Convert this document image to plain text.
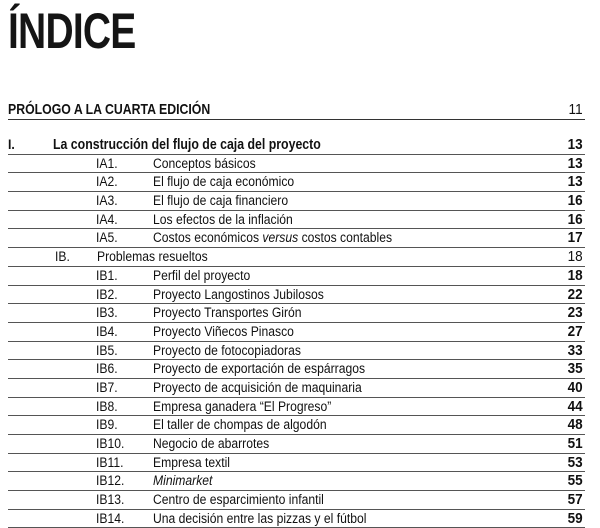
ÍNDICE
PRÓLOGO A LA CUARTA EDICIÓN	11
I.	La construcción del flujo de caja del proyecto	13
IA1.	Conceptos básicos	13
IA2.	El flujo de caja económico	13
IA3.	El flujo de caja financiero	16
IA4.	Los efectos de la inflación	16
IA5.	Costos económicos versus costos contables	17
IB. Problemas resueltos	18
IB1.	Perfil del proyecto	18
IB2.	Proyecto Langostinos Jubilosos	22
IB3.	Proyecto Transportes Girón	23
IB4.	Proyecto Viñecos Pinasco	27
IB5.	Proyecto de fotocopiadoras	33
IB6.	Proyecto de exportación de espárragos	35
IB7.	Proyecto de acquisición de maquinaria	40
IB8.	Empresa ganadera “El Progreso”	44
IB9.	El taller de chompas de algodón	48
IB10. Negocio de abarrotes	51
IB11. Empresa textil	53
IB12. Minimarket	55
IB13. Centro de esparcimiento infantil	57
IB14. Una decisión entre las pizzas y el fútbol	59
